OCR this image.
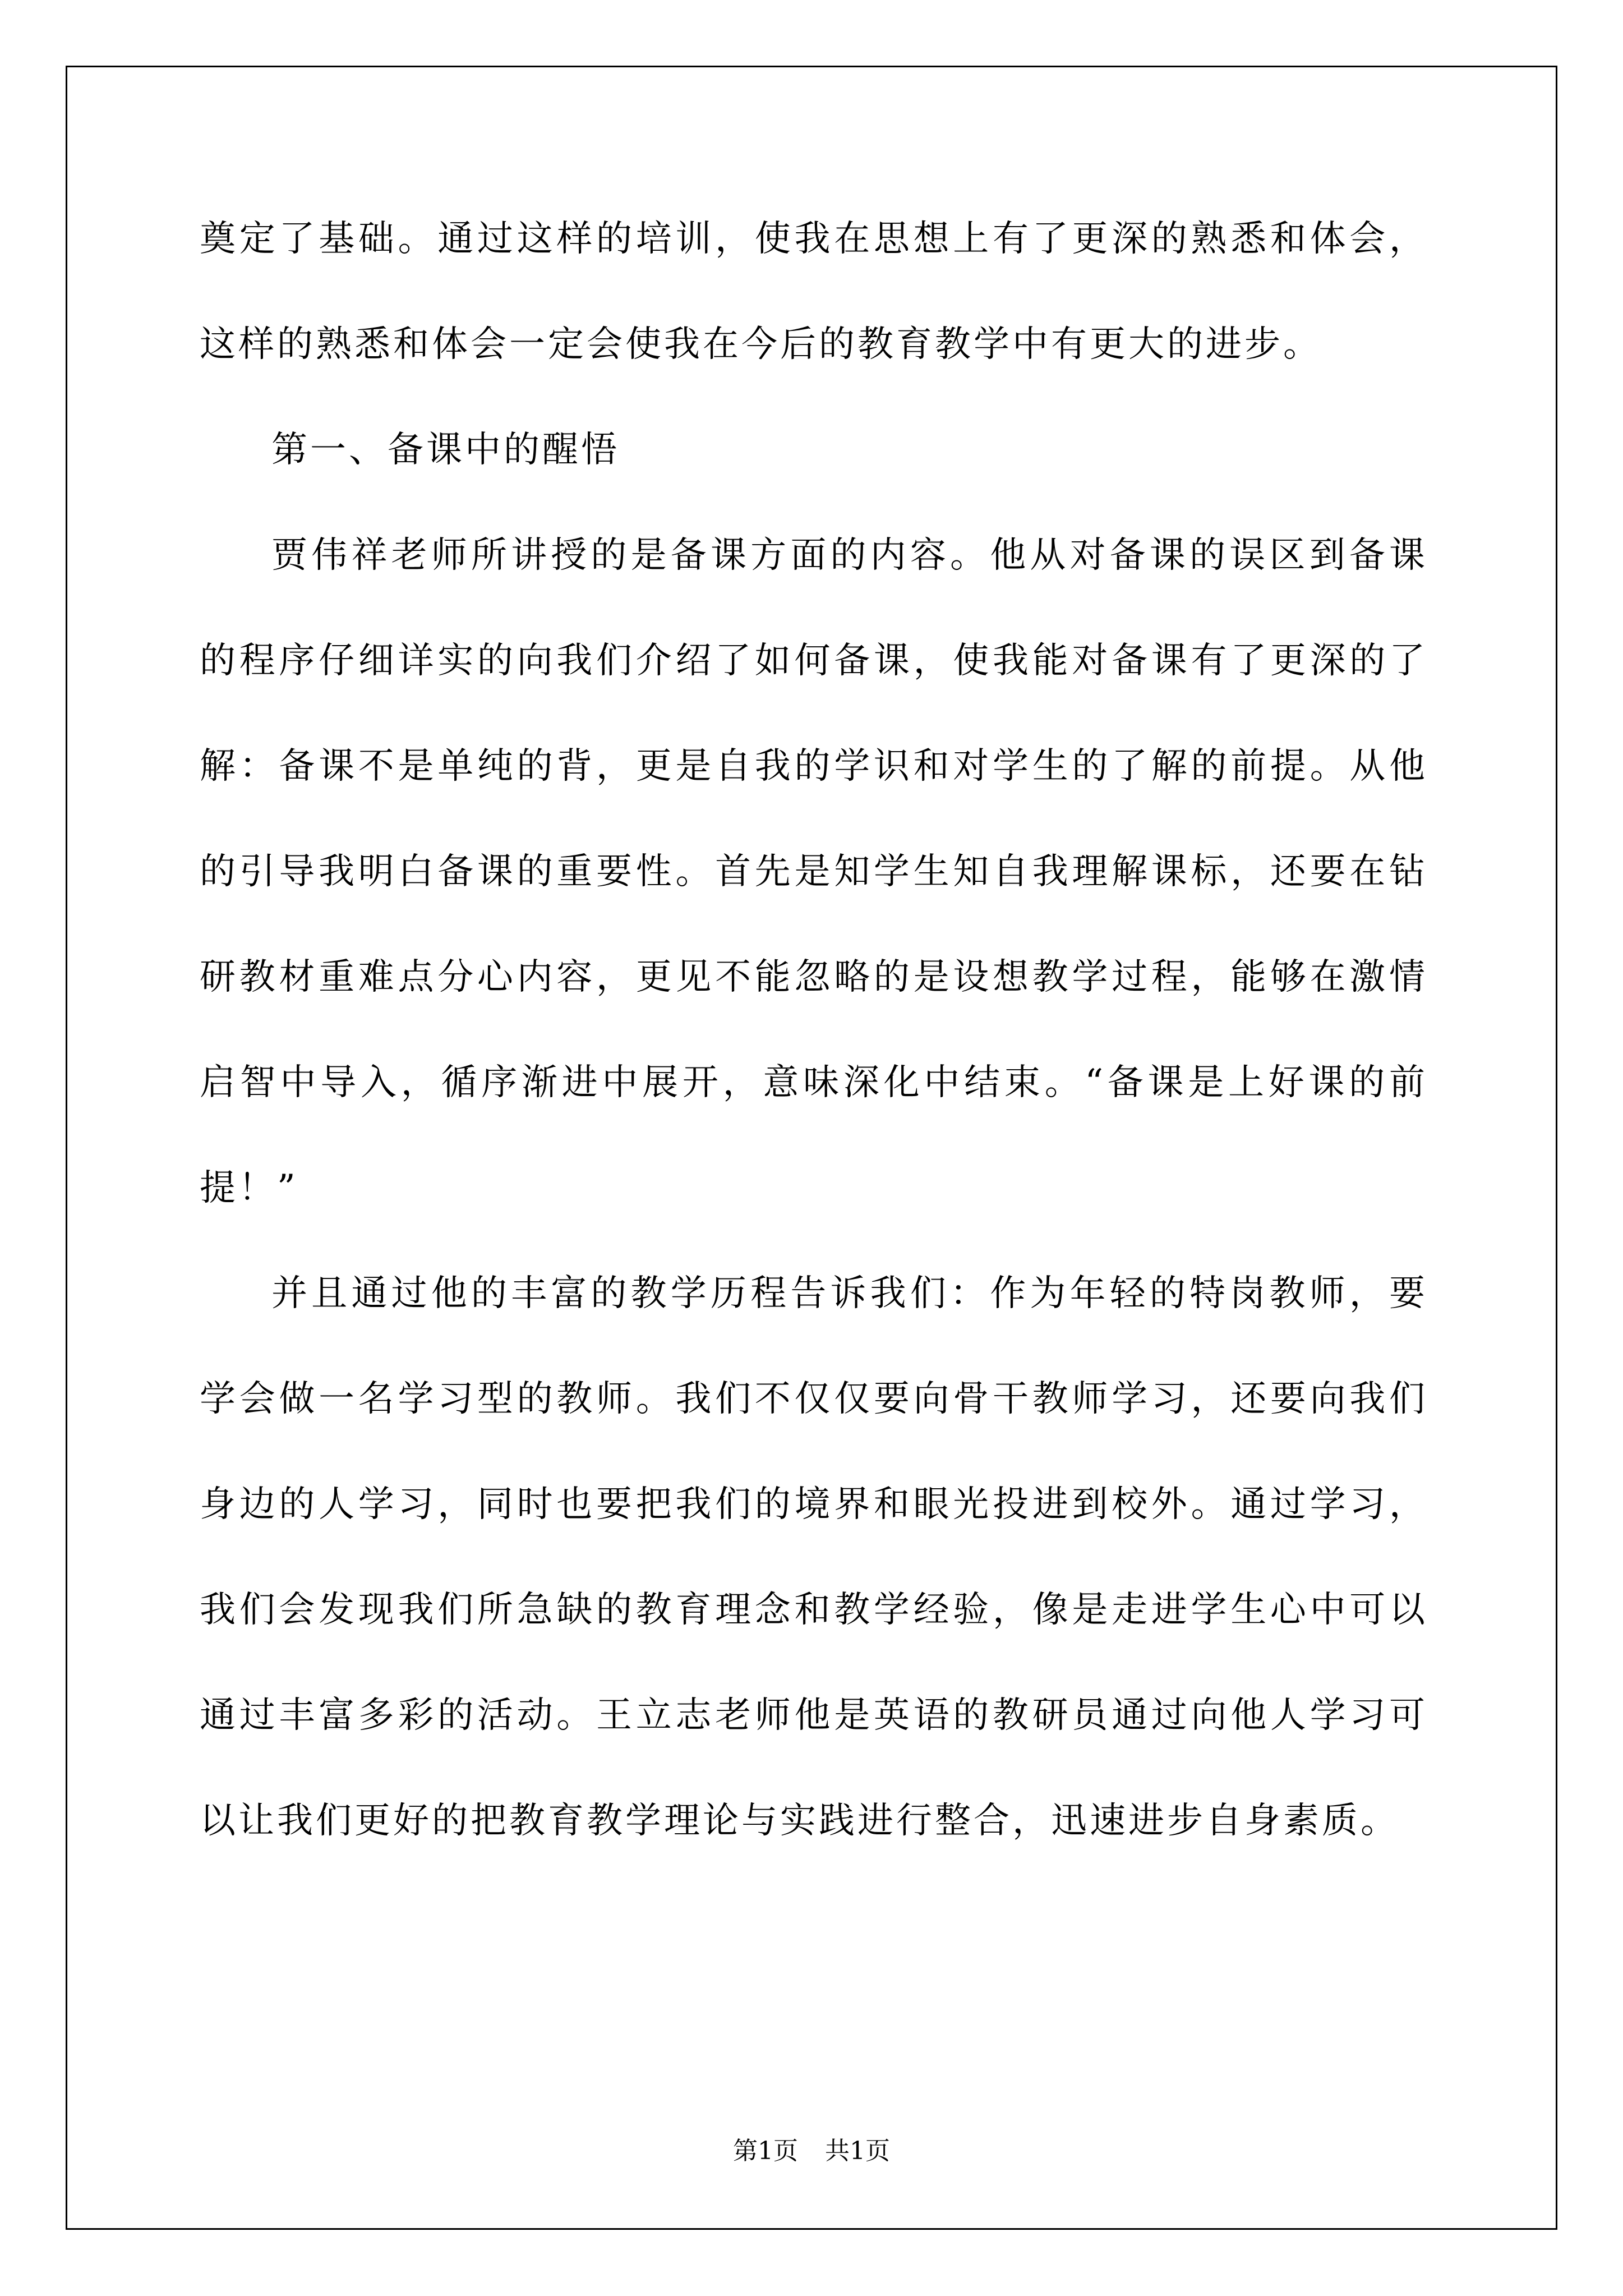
奠定了基础。通过这样的培训，使我在思想上有了更深的熟悉和体会，这样的熟悉和体会一定会使我在今后的教育教学中有更大的进步。

第一、备课中的醒悟

贾伟祥老师所讲授的是备课方面的内容。他从对备课的误区到备课的程序仔细详实的向我们介绍了如何备课，使我能对备课有了更深的了解：备课不是单纯的背，更是自我的学识和对学生的了解的前提。从他的引导我明白备课的重要性。首先是知学生知自我理解课标，还要在钻研教材重难点分心内容，更见不能忽略的是设想教学过程，能够在激情启智中导入，循序渐进中展开，意味深化中结束。“备课是上好课的前提！”

并且通过他的丰富的教学历程告诉我们：作为年轻的特岗教师，要学会做一名学习型的教师。我们不仅仅要向骨干教师学习，还要向我们身边的人学习，同时也要把我们的境界和眼光投进到校外。通过学习，我们会发现我们所急缺的教育理念和教学经验，像是走进学生心中可以通过丰富多彩的活动。王立志老师他是英语的教研员通过向他人学习可以让我们更好的把教育教学理论与实践进行整合，迅速进步自身素质。

第1页 共1页
